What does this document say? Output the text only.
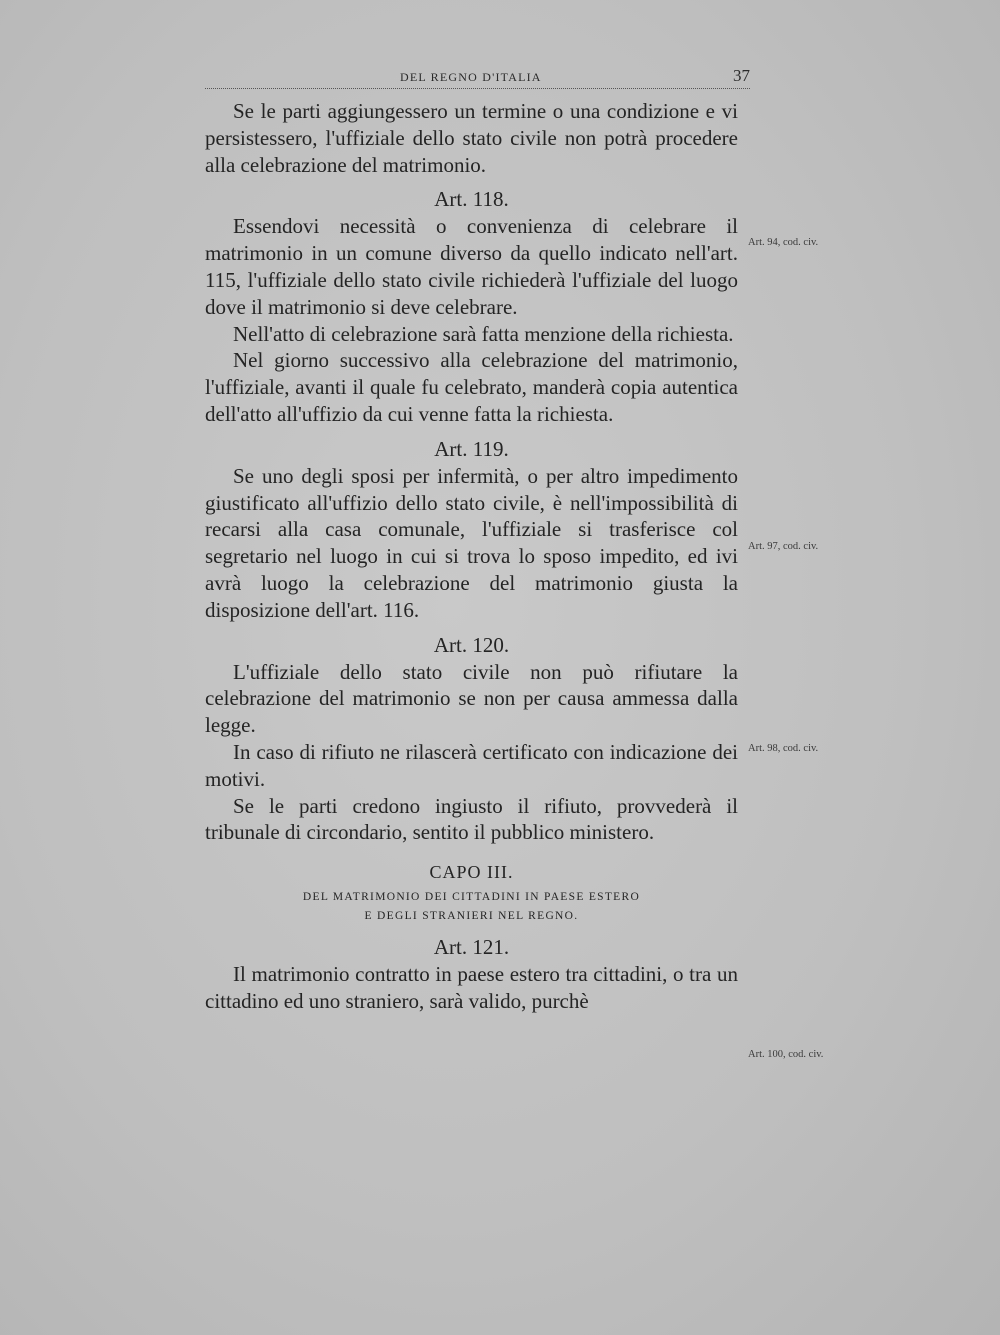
DEL REGNO D'ITALIA	37

Se le parti aggiungessero un termine o una condizione e vi persistessero, l'uffiziale dello stato civile non potrà procedere alla celebrazione del matrimonio.

Art. 118.

Essendovi necessità o convenienza di celebrare il matrimonio in un comune diverso da quello indicato nell'art. 115, l'uffiziale dello stato civile richiederà l'uffiziale del luogo dove il matrimonio si deve celebrare.

Nell'atto di celebrazione sarà fatta menzione della richiesta.

Nel giorno successivo alla celebrazione del matrimonio, l'uffiziale, avanti il quale fu celebrato, manderà copia autentica dell'atto all'uffizio da cui venne fatta la richiesta.

Art. 119.

Se uno degli sposi per infermità, o per altro impedimento giustificato all'uffizio dello stato civile, è nell'impossibilità di recarsi alla casa comunale, l'uffiziale si trasferisce col segretario nel luogo in cui si trova lo sposo impedito, ed ivi avrà luogo la celebrazione del matrimonio giusta la disposizione dell'art. 116.

Art. 120.

L'uffiziale dello stato civile non può rifiutare la celebrazione del matrimonio se non per causa ammessa dalla legge.

In caso di rifiuto ne rilascerà certificato con indicazione dei motivi.

Se le parti credono ingiusto il rifiuto, provvederà il tribunale di circondario, sentito il pubblico ministero.

CAPO III.
DEL MATRIMONIO DEI CITTADINI IN PAESE ESTERO
E DEGLI STRANIERI NEL REGNO.
Art. 121.

Il matrimonio contratto in paese estero tra cittadini, o tra un cittadino ed uno straniero, sarà valido, purchè

Art. 94, cod. civ.
Art. 97, cod. civ.
Art. 98, cod. civ.
Art. 100, cod. civ.
